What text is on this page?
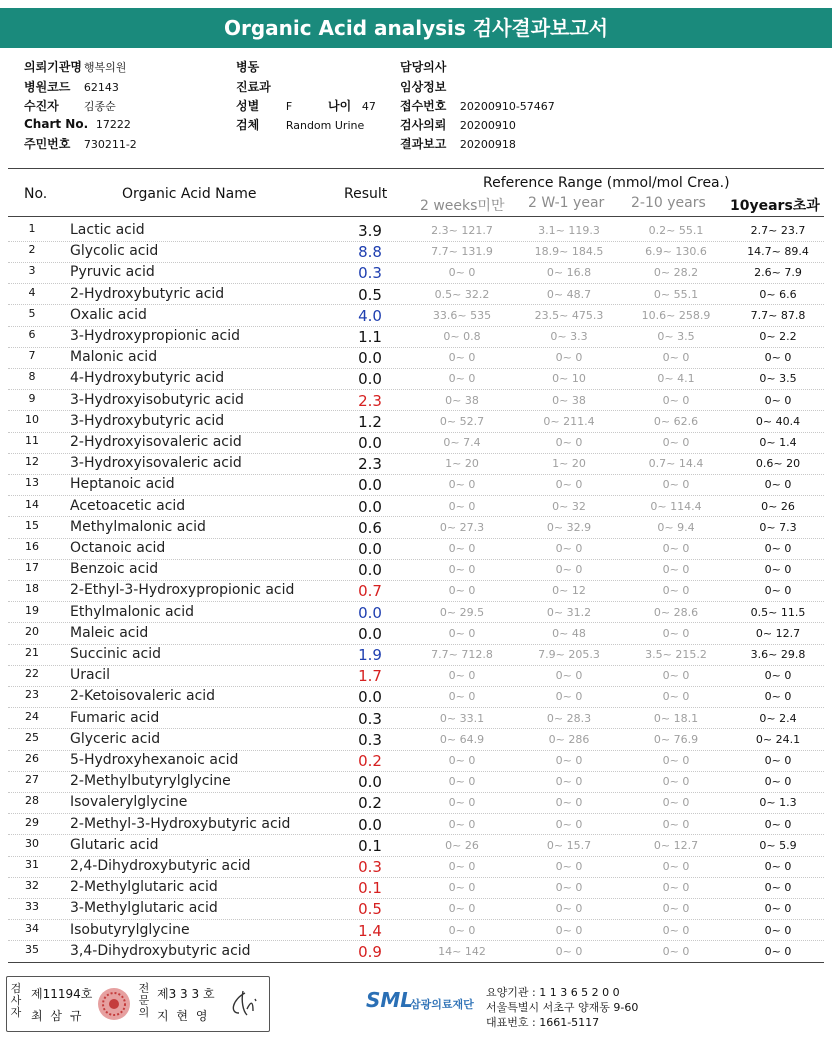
Organic Acid analysis 검사결과보고서
의뢰기관명 행복의원
병원코드 62143
수진자 김종순
Chart No. 17222
주민번호 730211-2
병동
진료과
성별 F	나이 47
검체 Random Urine
담당의사
임상정보
접수번호 20200910-57467
검사의뢰 20200910
결과보고 20200918
No.	Organic Acid Name	Result
Reference Range (mmol/mol Crea.)
2 weeks미만 2 W-1 year 2-10 years 10years초과
1	Lactic acid	3.9	2.3~ 121.7	3.1~ 119.3	0.2~ 55.1	2.7~ 23.7
2	Glycolic acid	8.8	7.7~ 131.9	18.9~ 184.5	6.9~ 130.6	14.7~ 89.4
3	Pyruvic acid	0.3	0~ 0	0~ 16.8	0~ 28.2	2.6~ 7.9
4	2-Hydroxybutyric acid	0.5	0.5~ 32.2	0~ 48.7	0~ 55.1	0~ 6.6
5	Oxalic acid	4.0	33.6~ 535	23.5~ 475.3	10.6~ 258.9	7.7~ 87.8
6	3-Hydroxypropionic acid	1.1	0~ 0.8	0~ 3.3	0~ 3.5	0~ 2.2
7	Malonic acid	0.0	0~ 0	0~ 0	0~ 0	0~ 0
8	4-Hydroxybutyric acid	0.0	0~ 0	0~ 10	0~ 4.1	0~ 3.5
9	3-Hydroxyisobutyric acid	2.3	0~ 38	0~ 38	0~ 0	0~ 0
10	3-Hydroxybutyric acid	1.2	0~ 52.7	0~ 211.4	0~ 62.6	0~ 40.4
11	2-Hydroxyisovaleric acid	0.0	0~ 7.4	0~ 0	0~ 0	0~ 1.4
12	3-Hydroxyisovaleric acid	2.3	1~ 20	1~ 20	0.7~ 14.4	0.6~ 20
13	Heptanoic acid	0.0	0~ 0	0~ 0	0~ 0	0~ 0
14	Acetoacetic acid	0.0	0~ 0	0~ 32	0~ 114.4	0~ 26
15	Methylmalonic acid	0.6	0~ 27.3	0~ 32.9	0~ 9.4	0~ 7.3
16	Octanoic acid	0.0	0~ 0	0~ 0	0~ 0	0~ 0
17	Benzoic acid	0.0	0~ 0	0~ 0	0~ 0	0~ 0
18	2-Ethyl-3-Hydroxypropionic acid	0.7	0~ 0	0~ 12	0~ 0	0~ 0
19	Ethylmalonic acid	0.0	0~ 29.5	0~ 31.2	0~ 28.6	0.5~ 11.5
20	Maleic acid	0.0	0~ 0	0~ 48	0~ 0	0~ 12.7
21	Succinic acid	1.9	7.7~ 712.8	7.9~ 205.3	3.5~ 215.2	3.6~ 29.8
22	Uracil	1.7	0~ 0	0~ 0	0~ 0	0~ 0
23	2-Ketoisovaleric acid	0.0	0~ 0	0~ 0	0~ 0	0~ 0
24	Fumaric acid	0.3	0~ 33.1	0~ 28.3	0~ 18.1	0~ 2.4
25	Glyceric acid	0.3	0~ 64.9	0~ 286	0~ 76.9	0~ 24.1
26	5-Hydroxyhexanoic acid	0.2	0~ 0	0~ 0	0~ 0	0~ 0
27	2-Methylbutyrylglycine	0.0	0~ 0	0~ 0	0~ 0	0~ 0
28	Isovalerylglycine	0.2	0~ 0	0~ 0	0~ 0	0~ 1.3
29	2-Methyl-3-Hydroxybutyric acid	0.0	0~ 0	0~ 0	0~ 0	0~ 0
30	Glutaric acid	0.1	0~ 26	0~ 15.7	0~ 12.7	0~ 5.9
31	2,4-Dihydroxybutyric acid	0.3	0~ 0	0~ 0	0~ 0	0~ 0
32	2-Methylglutaric acid	0.1	0~ 0	0~ 0	0~ 0	0~ 0
33	3-Methylglutaric acid	0.5	0~ 0	0~ 0	0~ 0	0~ 0
34	Isobutyrylglycine	1.4	0~ 0	0~ 0	0~ 0	0~ 0
35	3,4-Dihydroxybutyric acid	0.9	14~ 142	0~ 0	0~ 0	0~ 0
검사자
제11194호
최 삼 규
전문의
제3 3 3 호
지 현 영
SML
삼광의료재단
요양기관 : 1 1 3 6 5 2 0 0
서울특별시 서초구 양재동 9-60
대표번호 : 1661-5117
